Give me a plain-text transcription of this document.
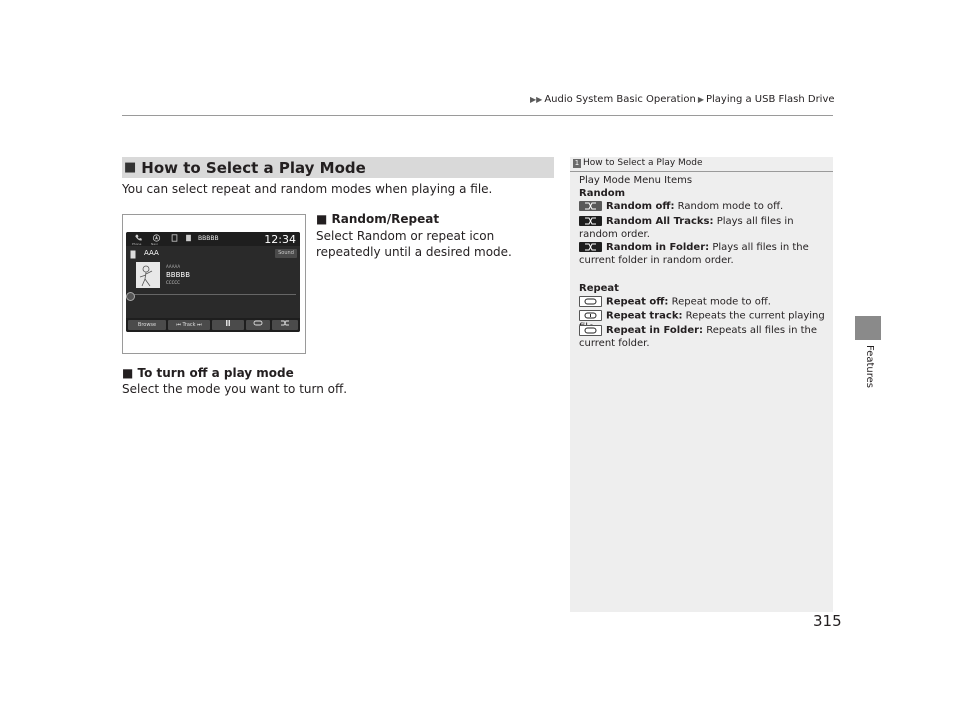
▶▶ Audio System Basic Operation ▶ Playing a USB Flash Drive
Features
■ How to Select a Play Mode
You can select repeat and random modes when playing a file.
Phone	Navi
BBBBB	12:34
AAA	Sound
AAAAA
BBBBB
CCCCC
Browse	⏮ Track ⏭
■ Random/Repeat
Select Random or repeat icon repeatedly until a desired mode.
■ To turn off a play mode
Select the mode you want to turn off.
1 How to Select a Play Mode
Play Mode Menu Items
Random
Random off: Random mode to off.
Random All Tracks: Plays all files in random order.
Random in Folder: Plays all files in the current folder in random order.
Repeat
Repeat off: Repeat mode to off.
Repeat track: Repeats the current playing
Repeat in Folder: Repeats all files in the current folder.
315
